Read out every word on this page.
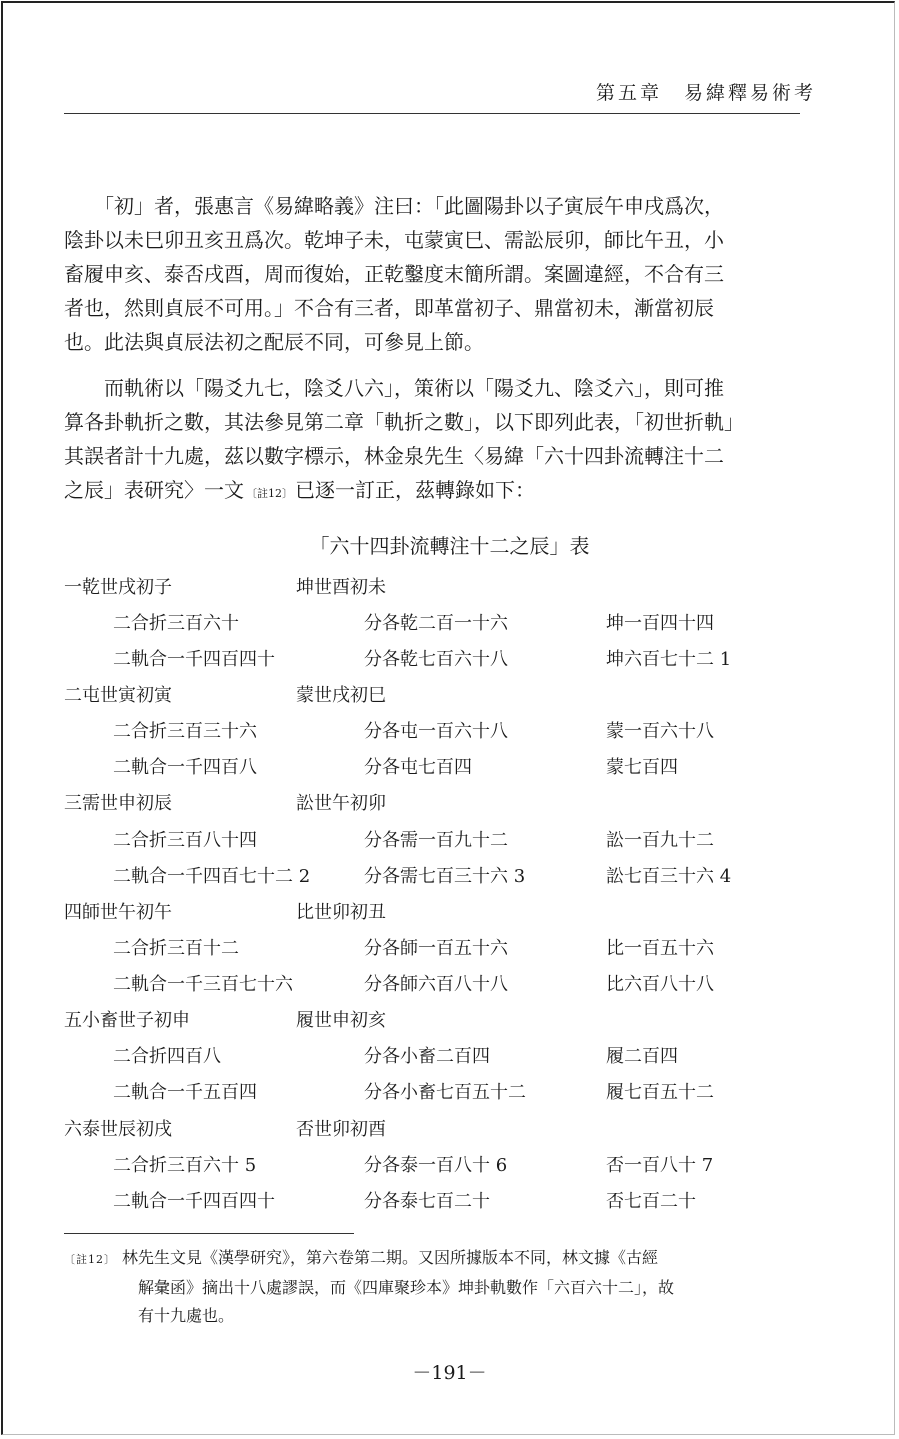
第五章　易緯釋易術考
　　「初」者，張惠言《易緯略義》注曰：「此圖陽卦以子寅辰午申戌爲次，
陰卦以未巳卯丑亥丑爲次。乾坤子未，屯蒙寅巳、需訟辰卯，師比午丑，小
畜履申亥、泰否戌酉，周而復始，正乾鑿度末簡所謂。案圖違經，不合有三
者也，然則貞辰不可用。」不合有三者，即革當初子、鼎當初未，漸當初辰
也。此法與貞辰法初之配辰不同，可參見上節。
　　而軌術以「陽爻九七，陰爻八六」，策術以「陽爻九、陰爻六」，則可推
算各卦軌折之數，其法參見第二章「軌折之數」，以下即列此表，「初世折軌」
其誤者計十九處，茲以數字標示，林金泉先生〈易緯「六十四卦流轉注十二
之辰」表研究〉一文 〔註12〕 已逐一訂正，茲轉錄如下：
「六十四卦流轉注十二之辰」表
一乾世戌初子	坤世酉初未
二合折三百六十	分各乾二百一十六	坤一百四十四
二軌合一千四百四十	分各乾七百六十八	坤六百七十二 1
二屯世寅初寅	蒙世戌初巳
二合折三百三十六	分各屯一百六十八	蒙一百六十八
二軌合一千四百八	分各屯七百四	蒙七百四
三需世申初辰	訟世午初卯
二合折三百八十四	分各需一百九十二	訟一百九十二
二軌合一千四百七十二 2	分各需七百三十六 3	訟七百三十六 4
四師世午初午	比世卯初丑
二合折三百十二	分各師一百五十六	比一百五十六
二軌合一千三百七十六	分各師六百八十八	比六百八十八
五小畜世子初申	履世申初亥
二合折四百八	分各小畜二百四	履二百四
二軌合一千五百四	分各小畜七百五十二	履七百五十二
六泰世辰初戌	否世卯初酉
二合折三百六十 5	分各泰一百八十 6	否一百八十 7
二軌合一千四百四十	分各泰七百二十	否七百二十
〔註12〕 林先生文見《漢學研究》，第六卷第二期。又因所據版本不同，林文據《古經
解彙函》摘出十八處謬誤，而《四庫聚珍本》坤卦軌數作「六百六十二」，故
有十九處也。
－191－
